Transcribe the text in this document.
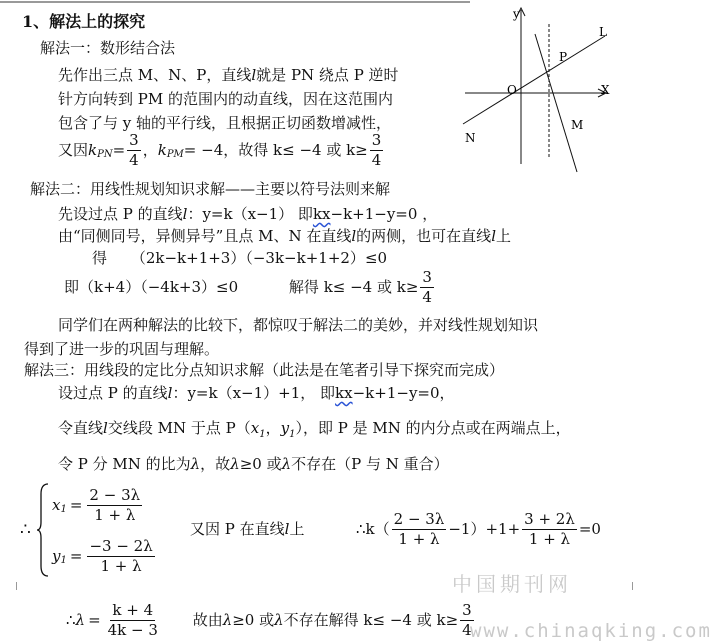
1、解法上的探究
解法一：数形结合法
先作出三点 M、N、P，直线l就是 PN 绕点 P 逆时
针方向转到 PM 的范围内的动直线，因在这范围内
包含了与 y 轴的平行线，且根据正切函数增减性，
又因$k_{PN}= \frac{3}{4}$ ，$k_{PM}= -4$，故得 k≤ −4 或 $k\ge \frac{3}{4}$
y
X
O
P
L
M
N
解法二：用线性规划知识求解——主要以符号法则来解
先设过点 P 的直线l：y=k（x−1） 即kx−k+1−y=0 ，
由“同侧同号，异侧异号”且点 M、N 在直线l的两侧，也可在直线l上
得     （2k−k+1+3）（−3k−k+1+2）≤0
即（k+4）（−4k+3）≤0	解得 k≤ −4 或 $k\ge \frac{3}{4}$
同学们在两种解法的比较下，都惊叹于解法二的美妙，并对线性规划知识
得到了进一步的巩固与理解。
解法三：用线段的定比分点知识求解（此法是在笔者引导下探究而完成）
设过点 P 的直线l：y=k（x−1）+1， 即kx−k+1−y=0，
令直线l交线段 MN 于点 $P(x_1$，$y_1$），即 P 是 MN 的内分点或在两端点上，
令 P 分 MN 的比为λ，故λ≥0 或λ不存在（P 与 N 重合）
∴
$x_1 = \frac{2 - 3\lambda}{1 + \lambda}$
$y_1 = \frac{-3 - 2\lambda}{1 + \lambda}$
又因 P 在直线l上	∴k（ $\frac{2 - 3\lambda}{1 + \lambda} -1)+1+ \frac{3 + 2\lambda}{1 + \lambda} =0$
∴λ = $\frac{k + 4}{4k - 3}$ 故由λ≥0 或λ不存在解得 k≤ −4 或 $k\ge \frac{3}{4}$
中国期刊网
www.chinaqking.com
